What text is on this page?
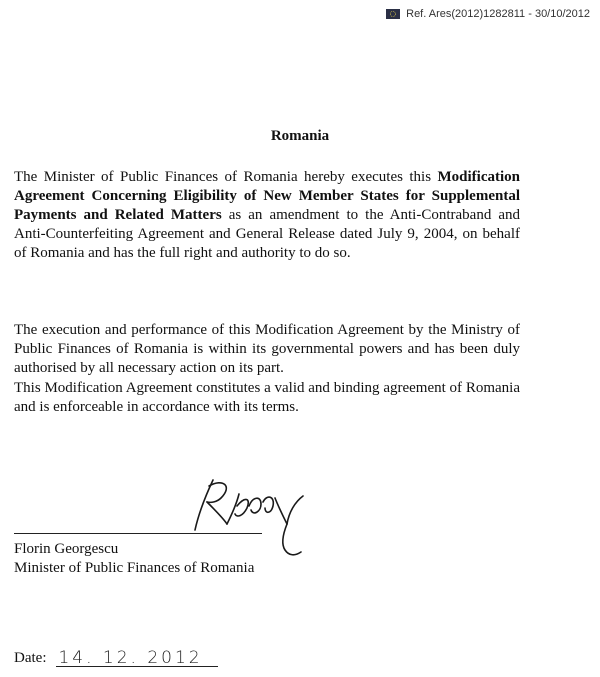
Ref. Ares(2012)1282811 - 30/10/2012
Romania

The Minister of Public Finances of Romania hereby executes this Modification Agreement Concerning Eligibility of New Member States for Supplemental Payments and Related Matters as an amendment to the Anti-Contraband and Anti-Counterfeiting Agreement and General Release dated July 9, 2004, on behalf of Romania and has the full right and authority to do so.

The execution and performance of this Modification Agreement by the Ministry of Public Finances of Romania is within its governmental powers and has been duly authorised by all necessary action on its part.

This Modification Agreement constitutes a valid and binding agreement of Romania and is enforceable in accordance with its terms.

Florin Georgescu
Minister of Public Finances of Romania
Date: 14. 12. 2012
